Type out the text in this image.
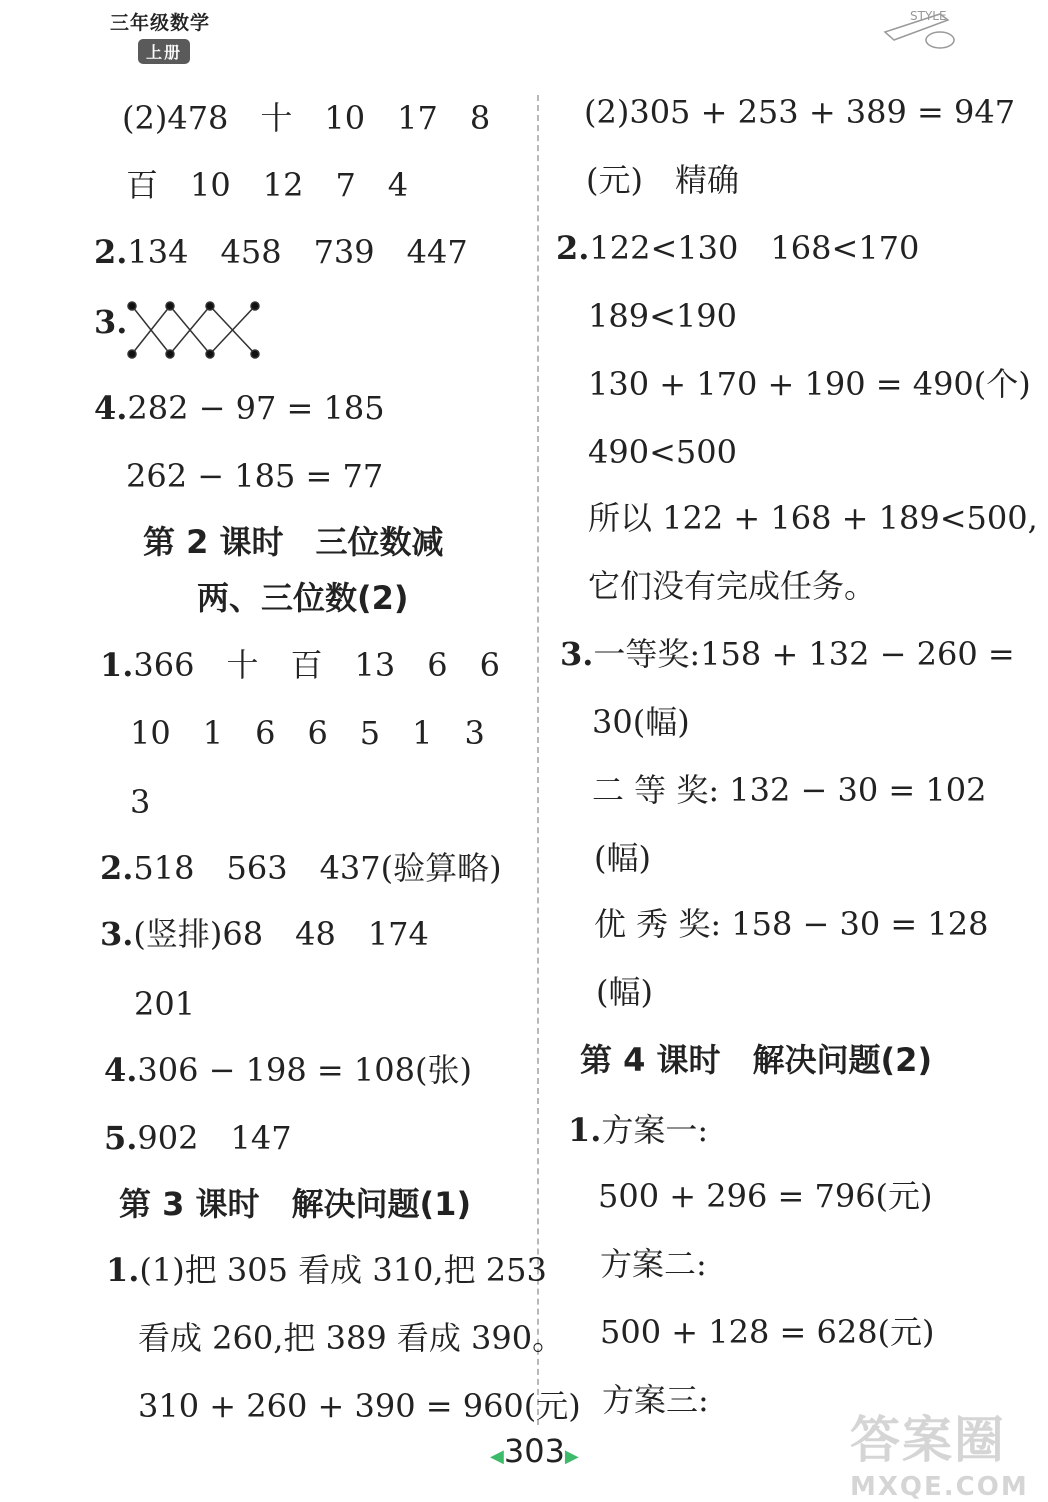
三年级数学
上册
STYLE
(2)478　十　10　17　8
百　10　12　7　4
2.134　458　739　447
3.
4.282 − 97 = 185
262 − 185 = 77
第 2 课时　三位数减
两、三位数(2)
1.366　十　百　13　6　6
10　1　6　6　5　1　3
3
2.518　563　437(验算略)
3.(竖排)68　48　174
201
4.306 − 198 = 108(张)
5.902　147
第 3 课时　解决问题(1)
1.(1)把 305 看成 310,把 253
看成 260,把 389 看成 390。
310 + 260 + 390 = 960(元)
(2)305 + 253 + 389 = 947
(元)　精确
2.122<130　168<170
189<190
130 + 170 + 190 = 490(个)
490<500
所以 122 + 168 + 189<500,
它们没有完成任务。
3.一等奖:158 + 132 − 260 =
30(幅)
二 等 奖: 132 − 30 = 102
(幅)
优 秀 奖: 158 − 30 = 128
(幅)
第 4 课时　解决问题(2)
1.方案一:
500 + 296 = 796(元)
方案二:
500 + 128 = 628(元)
方案三:
◀303▶	答案圈
MXQE.COM
